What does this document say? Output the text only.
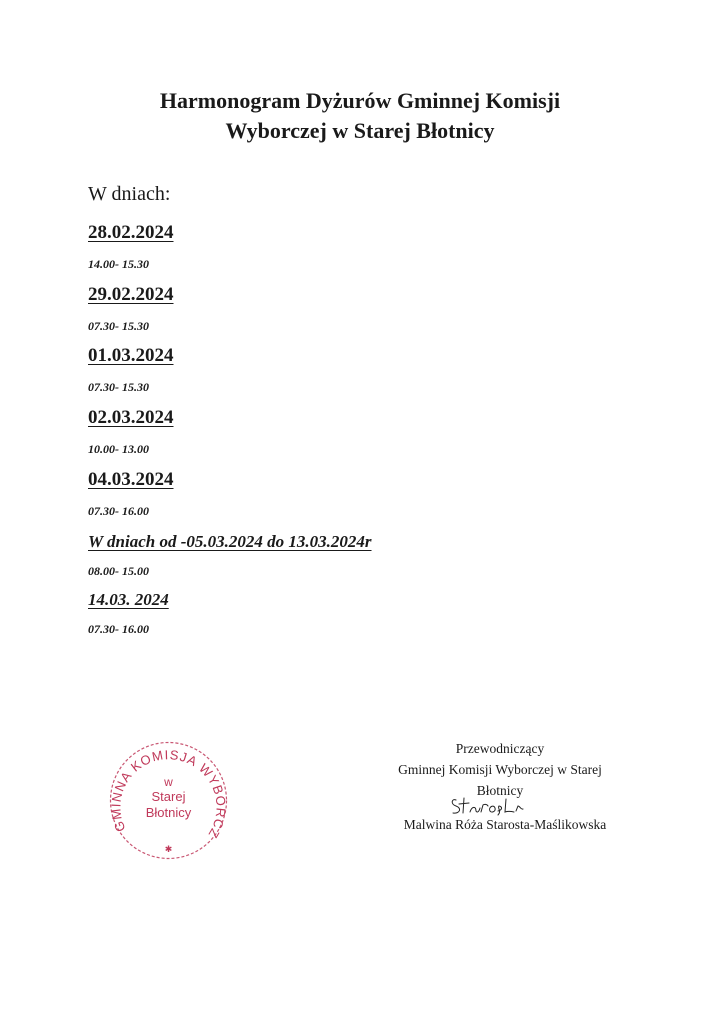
Harmonogram Dyżurów Gminnej Komisji
Wyborczej w Starej Błotnicy

W dniach:

28.02.2024

14.00- 15.30

29.02.2024

07.30- 15.30

01.03.2024

07.30- 15.30

02.03.2024

10.00- 13.00

04.03.2024

07.30- 16.00

W dniach od -05.03.2024 do 13.03.2024r

08.00- 15.00

14.03. 2024

07.30- 16.00

GMINNA KOMISJA WYBORCZ
✱
w
Starej
Błotnicy
Przewodniczący
Gminnej Komisji Wyborczej w Starej
Błotnicy
Malwina Róża Starosta-Maślikowska
